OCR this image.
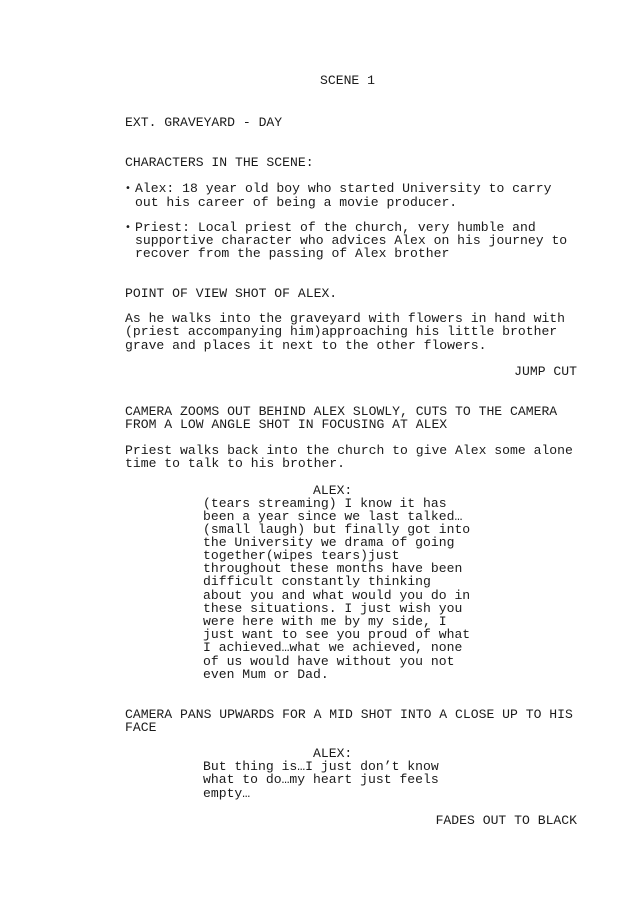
SCENE 1
EXT. GRAVEYARD - DAY
CHARACTERS IN THE SCENE:
• Alex: 18 year old boy who started University to carry
out his career of being a movie producer.
• Priest: Local priest of the church, very humble and
supportive character who advices Alex on his journey to
recover from the passing of Alex brother
POINT OF VIEW SHOT OF ALEX.
As he walks into the graveyard with flowers in hand with
(priest accompanying him)approaching his little brother
grave and places it next to the other flowers.
JUMP CUT
CAMERA ZOOMS OUT BEHIND ALEX SLOWLY, CUTS TO THE CAMERA
FROM A LOW ANGLE SHOT IN FOCUSING AT ALEX
Priest walks back into the church to give Alex some alone
time to talk to his brother.
ALEX:
(tears streaming) I know it has
been a year since we last talked…
(small laugh) but finally got into
the University we drama of going
together(wipes tears)just
throughout these months have been
difficult constantly thinking
about you and what would you do in
these situations. I just wish you
were here with me by my side, I
just want to see you proud of what
I achieved…what we achieved, none
of us would have without you not
even Mum or Dad.
CAMERA PANS UPWARDS FOR A MID SHOT INTO A CLOSE UP TO HIS
FACE
ALEX:
But thing is…I just don’t know
what to do…my heart just feels
empty…
FADES OUT TO BLACK
